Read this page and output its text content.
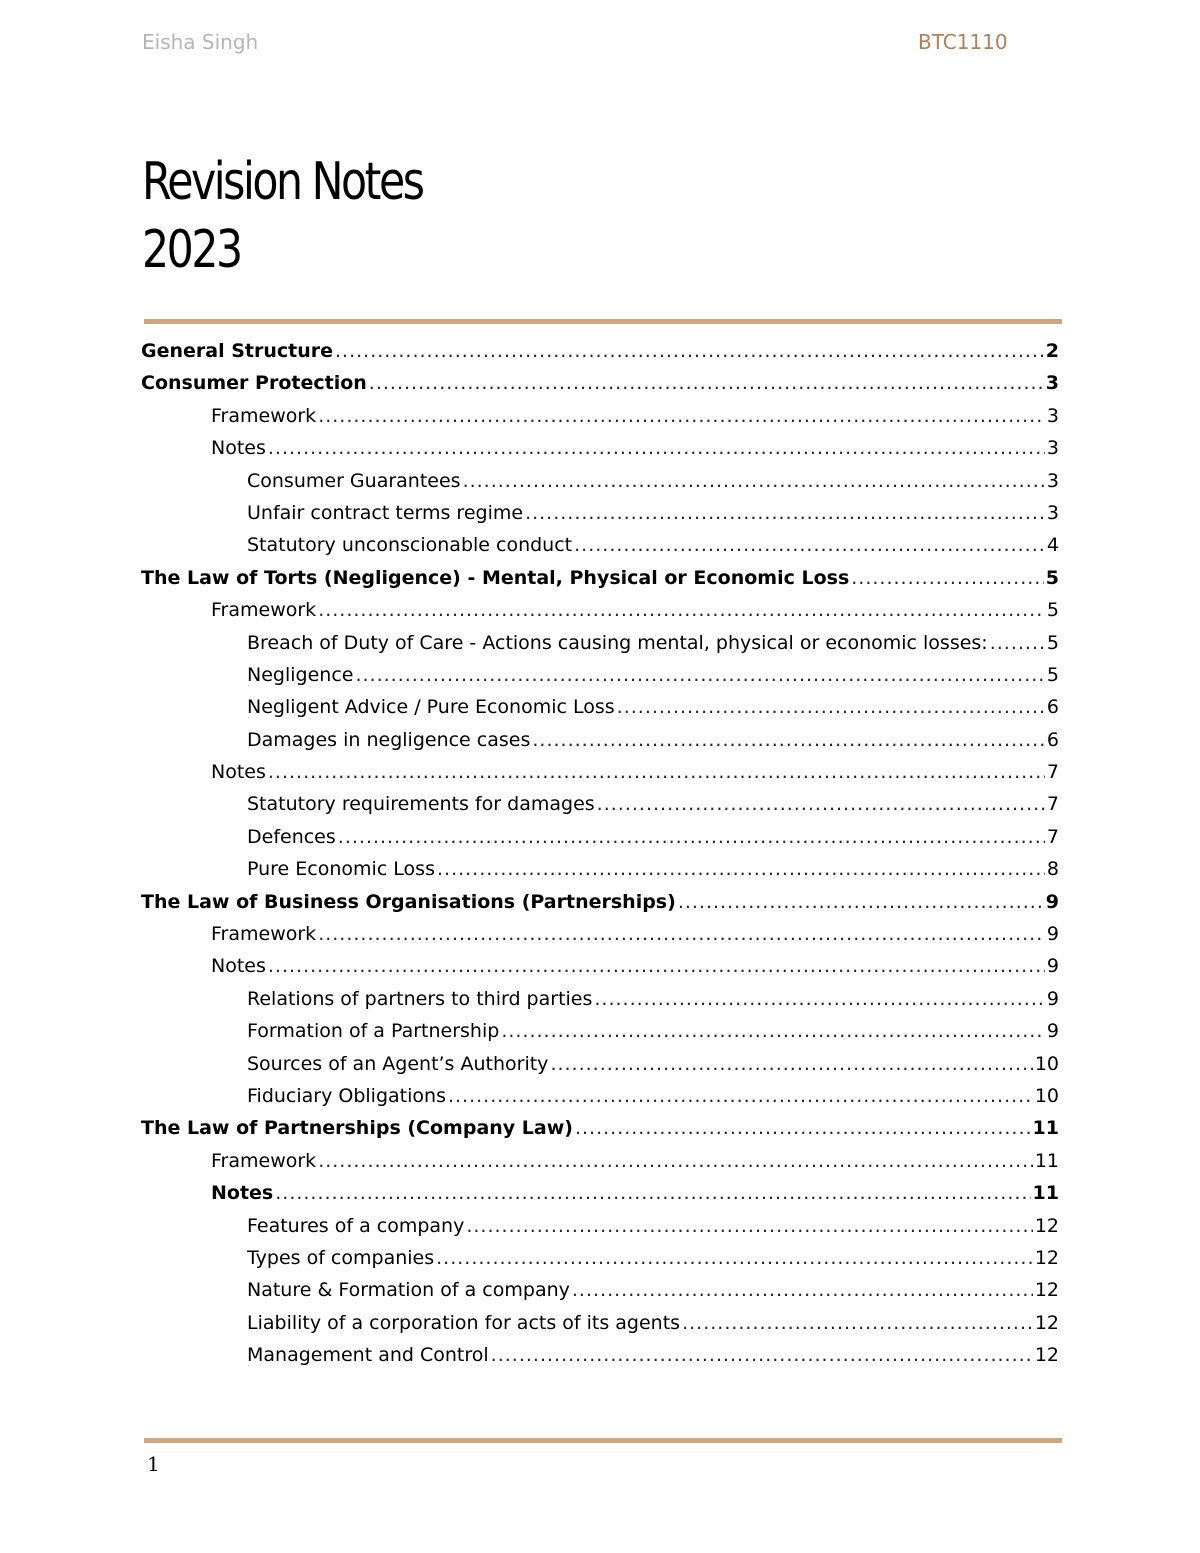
Eisha Singh	BTC1110
Revision Notes
2023
General Structure .....	2
Consumer Protection .....	3
Framework .....	3
Notes .....	3
Consumer Guarantees .....	3
Unfair contract terms regime .....	3
Statutory unconscionable conduct .....	4
The Law of Torts (Negligence) - Mental, Physical or Economic Loss .....	5
Framework .....	5
Breach of Duty of Care - Actions causing mental, physical or economic losses: .....	5
Negligence .....	5
Negligent Advice / Pure Economic Loss .....	6
Damages in negligence cases .....	6
Notes .....	7
Statutory requirements for damages .....	7
Defences .....	7
Pure Economic Loss .....	8
The Law of Business Organisations (Partnerships) .....	9
Framework .....	9
Notes .....	9
Relations of partners to third parties .....	9
Formation of a Partnership .....	9
Sources of an Agent’s Authority .....	10
Fiduciary Obligations .....	10
The Law of Partnerships (Company Law) .....	11
Framework .....	11
Notes .....	11
Features of a company .....	12
Types of companies .....	12
Nature & Formation of a company .....	12
Liability of a corporation for acts of its agents .....	12
Management and Control .....	12
1
